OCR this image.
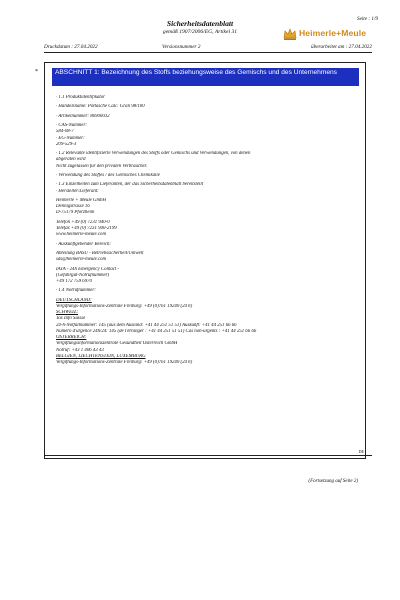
Sicherheitsdatenblatt
gemäß 1907/2006/EG, Artikel 31
Seite : 1/9
Heimerle+Meule
Druckdatum : 27.04.2022	Versionsnummer 2	überarbeitet am : 27.04.2022
*	ABSCHNITT 1: Bezeichnung des Stoffs beziehungsweise des Gemischs und des Unternehmens
· 1.1 Produktidentifikator
· Handelsname: Pottasche Calc. Gran 98/100
· Artikelnummer: 86900032
· CAS-Nummer:
584-08-7
· EG-Nummer:
209-529-3
· 1.2 Relevante identifizierte Verwendungen des Stoffs oder Gemischs und Verwendungen, von denen
abgeraten wird
Nicht zugelassen für den privaten Verbraucher.
· Verwendung des Stoffes / des Gemisches Chemikalie
· 1.3 Einzelheiten zum Lieferanten, der das Sicherheitsdatenblatt bereitstellt
· Hersteller/Lieferant:
Heimerle + Meule GmbH
Dennigstrasse 16
D-75179 Pforzheim
Telefon +49 (0) 7231 940-0
Telefax +49 (0) 7231 940-2199
www.heimerle-meule.com
· Auskunftgebender Bereich:
Abteilung BASU - Betriebssicherheit/Umwelt
sds@heimerle-meule.com
IATA - 24h Emergency Contact -
(Gefahrgut-Notrufnummer)
+49 172 759 6970
· 1.4 Notrufnummer:
DEUTSCHLAND:
Vergiftungs-Informations-Zentrale Freiburg: +49 (0)761 19240 (24 h)
SCHWEIZ:
Tox Info Suisse
24-h-Notfallnummer: 145 (aus dem Ausland: +41 44 251 51 51) Auskunft: +41 44 251 66 66
Numéro d'urgence 24h/24: 145 (de l'étranger : +41 44 251 51 51) Cas non-urgents : +41 44 251 66 66
ÖSTERREICH:
Vergiftungsinformationszentrale Gesundheit Österreich GmbH
Notruf: +43 1 406 43 43
BELGIEN, LIECHTENSTEIN, LUXEMBURG
Vergiftungs-Informations-Zentrale Freiburg: +49 (0)761 19240 (24 h)
DE
(Fortsetzung auf Seite 2)
